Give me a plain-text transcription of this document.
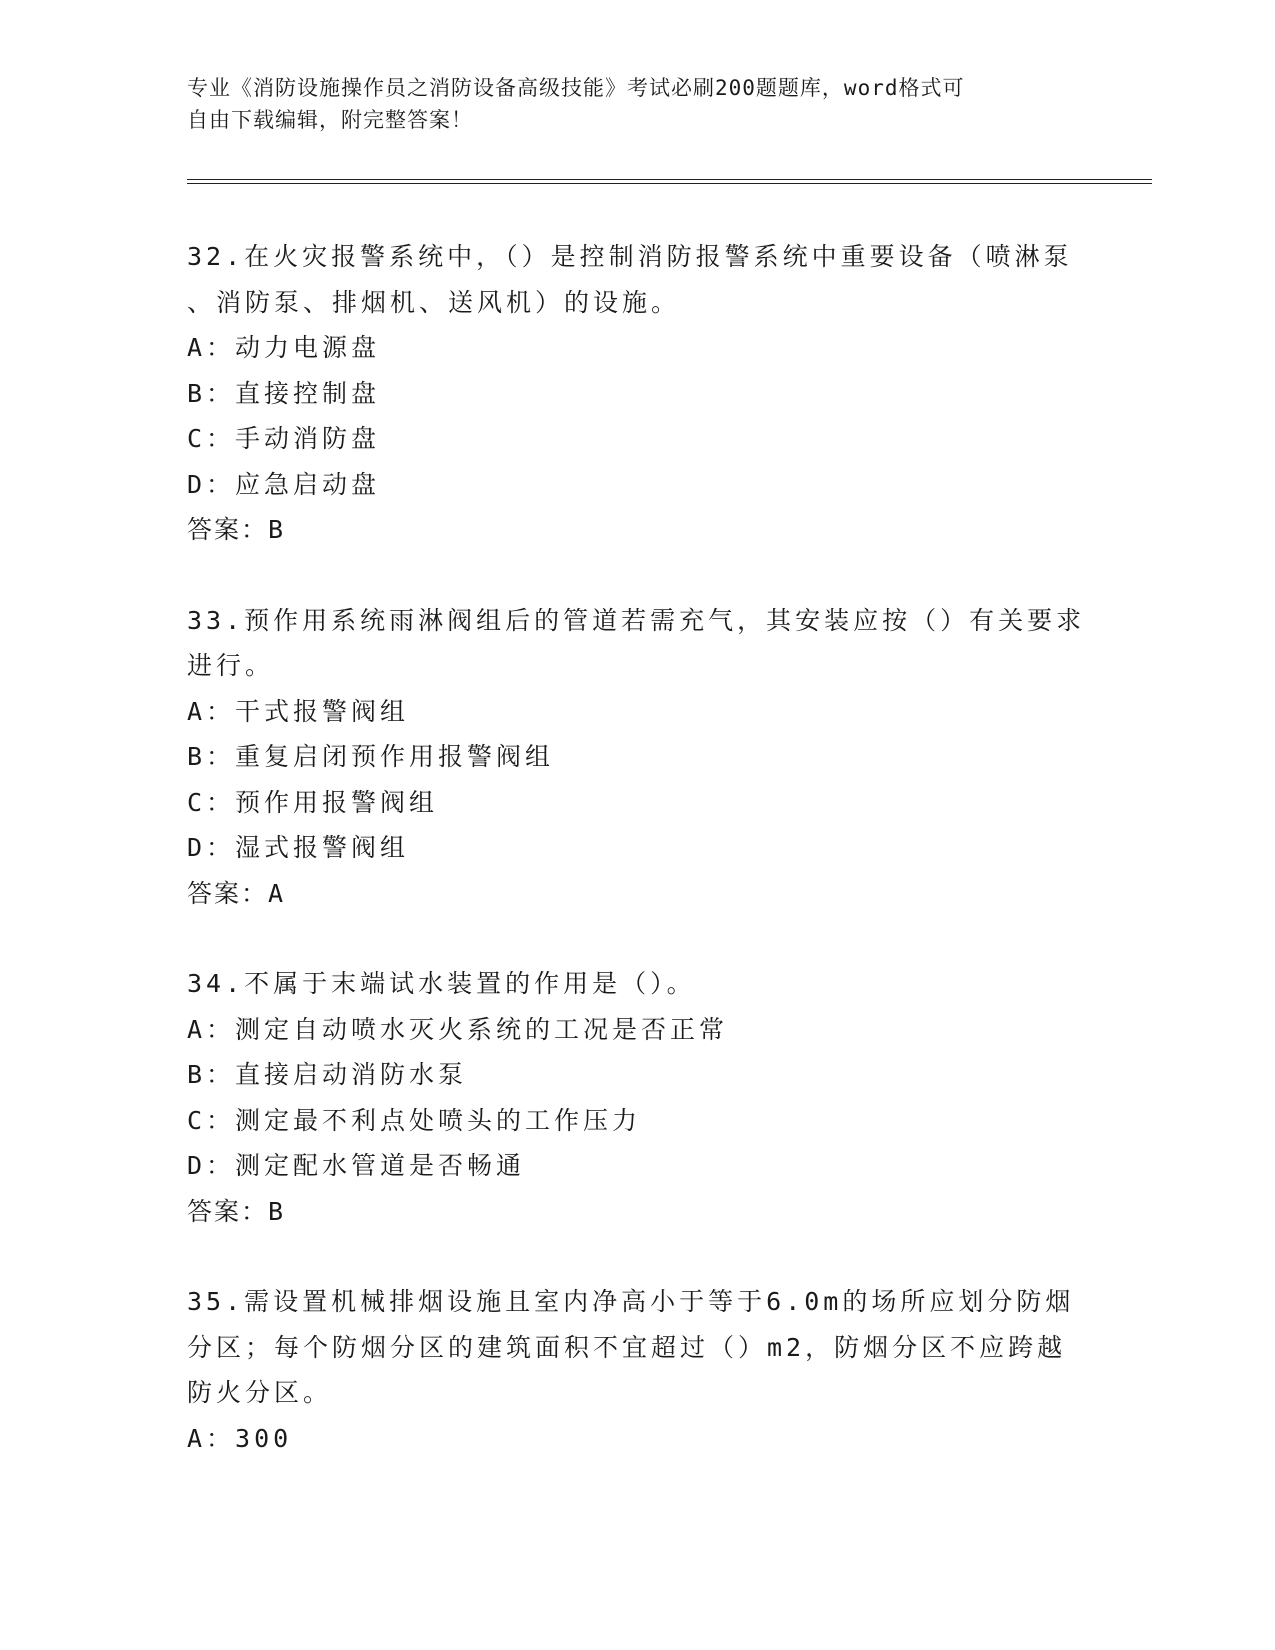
专业《消防设施操作员之消防设备高级技能》考试必刷200题题库，word格式可
自由下载编辑，附完整答案！
32.在火灾报警系统中，（）是控制消防报警系统中重要设备（喷淋泵
、消防泵、排烟机、送风机）的设施。
A：动力电源盘
B：直接控制盘
C：手动消防盘
D：应急启动盘
答案：B
33.预作用系统雨淋阀组后的管道若需充气，其安装应按（）有关要求
进行。
A：干式报警阀组
B：重复启闭预作用报警阀组
C：预作用报警阀组
D：湿式报警阀组
答案：A
34.不属于末端试水装置的作用是（）。
A：测定自动喷水灭火系统的工况是否正常
B：直接启动消防水泵
C：测定最不利点处喷头的工作压力
D：测定配水管道是否畅通
答案：B
35.需设置机械排烟设施且室内净高小于等于6.0m的场所应划分防烟
分区；每个防烟分区的建筑面积不宜超过（）m2，防烟分区不应跨越
防火分区。
A：300
